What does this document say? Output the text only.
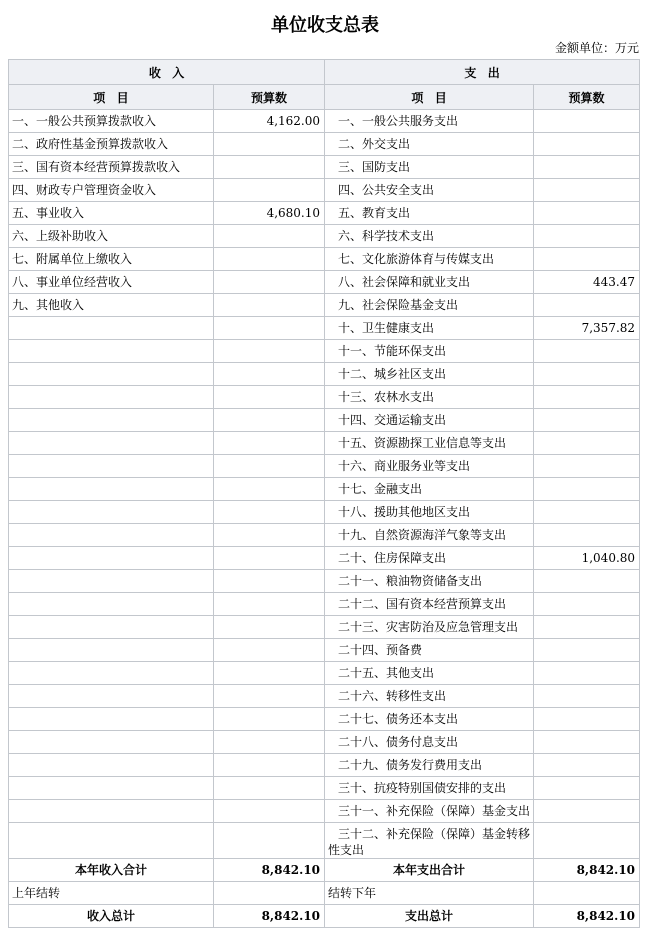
单位收支总表
金额单位：万元
收 入		支 出	
项 目	预算数	项 目	预算数
一、一般公共预算拨款收入	4,162.00	一、一般公共服务支出	
二、政府性基金预算拨款收入		二、外交支出	
三、国有资本经营预算拨款收入		三、国防支出	
四、财政专户管理资金收入		四、公共安全支出	
五、事业收入	4,680.10	五、教育支出	
六、上级补助收入		六、科学技术支出	
七、附属单位上缴收入		七、文化旅游体育与传媒支出	
八、事业单位经营收入		八、社会保障和就业支出	443.47
九、其他收入		九、社会保险基金支出	
		十、卫生健康支出	7,357.82
		十一、节能环保支出	
		十二、城乡社区支出	
		十三、农林水支出	
		十四、交通运输支出	
		十五、资源勘探工业信息等支出	
		十六、商业服务业等支出	
		十七、金融支出	
		十八、援助其他地区支出	
		十九、自然资源海洋气象等支出	
		二十、住房保障支出	1,040.80
		二十一、粮油物资储备支出	
		二十二、国有资本经营预算支出	
		二十三、灾害防治及应急管理支出	
		二十四、预备费	
		二十五、其他支出	
		二十六、转移性支出	
		二十七、债务还本支出	
		二十八、债务付息支出	
		二十九、债务发行费用支出	
		三十、抗疫特别国债安排的支出	
		三十一、补充保险（保障）基金支出	
		三十二、补充保险（保障）基金转移性支出	
本年收入合计	8,842.10	本年支出合计	8,842.10
上年结转		结转下年	
收入总计	8,842.10	支出总计	8,842.10
